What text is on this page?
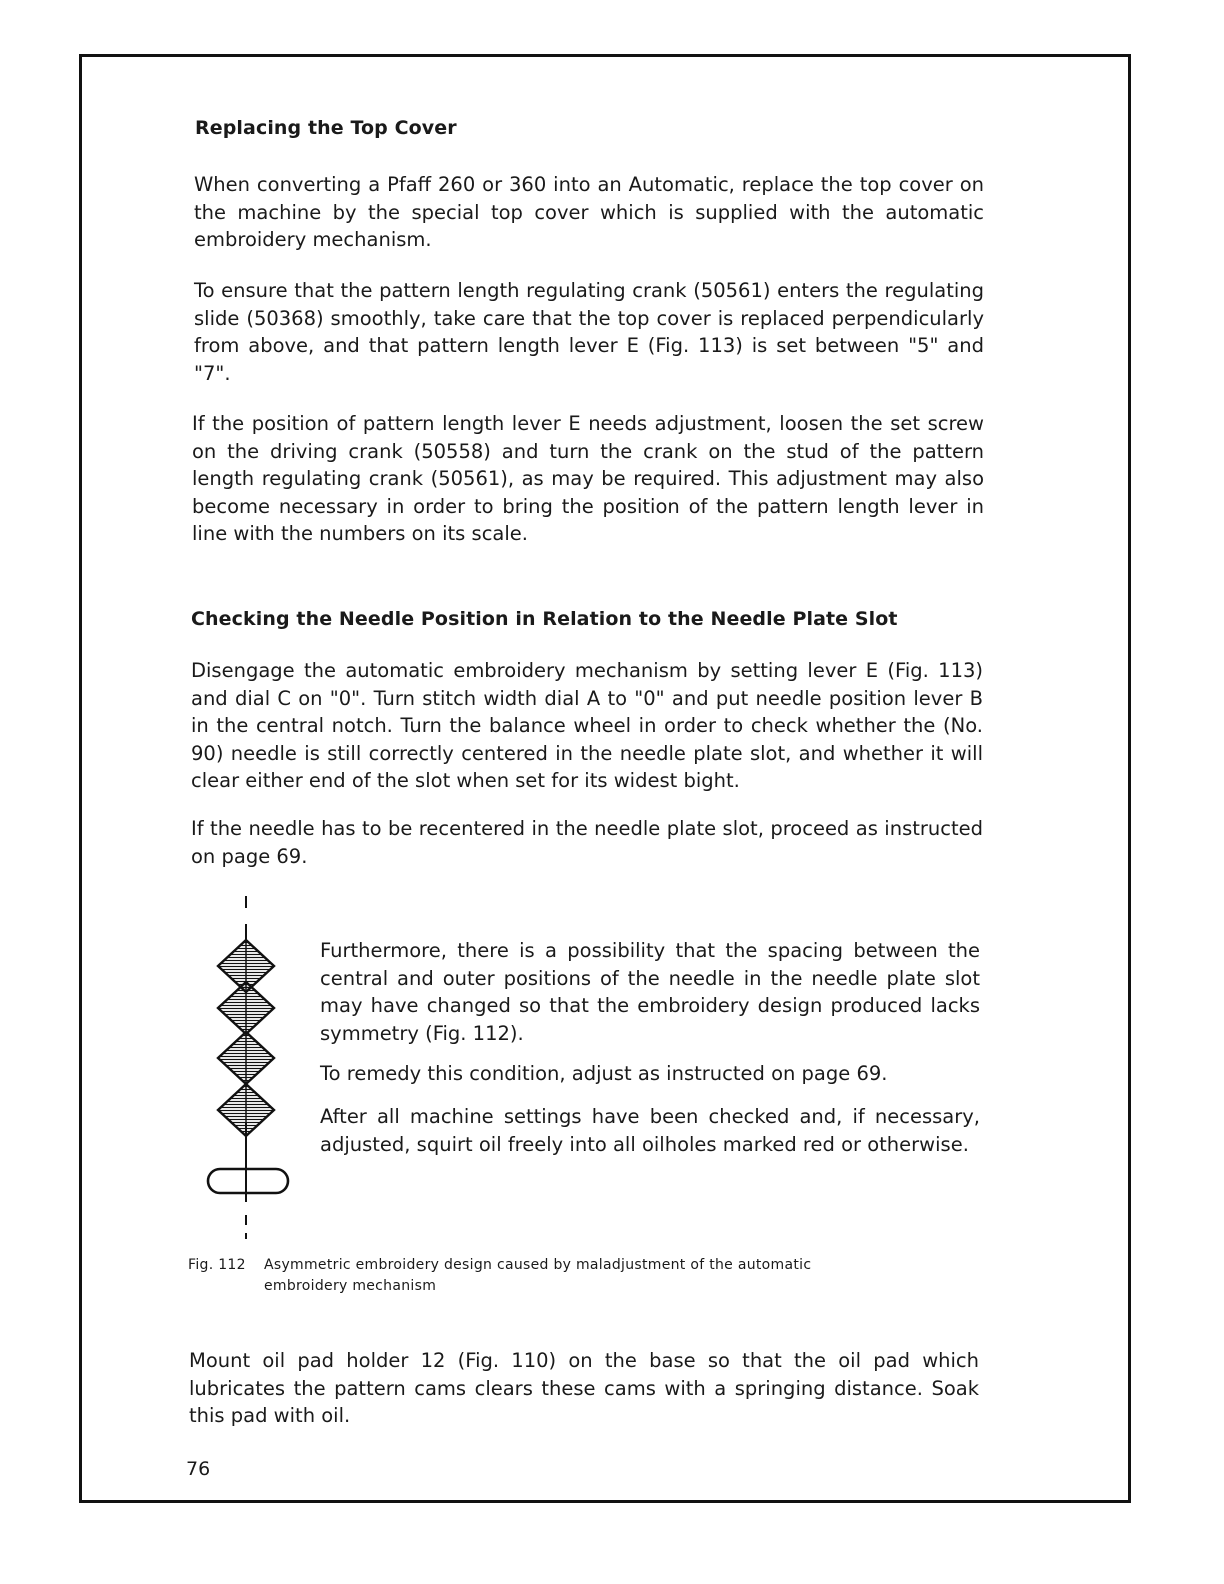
Replacing the Top Cover

When converting a Pfaff 260 or 360 into an Automatic, replace the top cover on the machine by the special top cover which is supplied with the automatic embroidery mechanism.

To ensure that the pattern length regulating crank (50561) enters the regulating slide (50368) smoothly, take care that the top cover is replaced perpendicularly from above, and that pattern length lever E (Fig. 113) is set between "5" and "7".

If the position of pattern length lever E needs adjustment, loosen the set screw on the driving crank (50558) and turn the crank on the stud of the pattern length regulating crank (50561), as may be required. This adjustment may also become necessary in order to bring the position of the pattern length lever in line with the numbers on its scale.

Checking the Needle Position in Relation to the Needle Plate Slot

Disengage the automatic embroidery mechanism by setting lever E (Fig. 113) and dial C on "0". Turn stitch width dial A to "0" and put needle position lever B in the central notch. Turn the balance wheel in order to check whether the (No. 90) needle is still correctly centered in the needle plate slot, and whether it will clear either end of the slot when set for its widest bight.

If the needle has to be recentered in the needle plate slot, proceed as instructed on page 69.

Furthermore, there is a possibility that the spacing between the central and outer positions of the needle in the needle plate slot may have changed so that the embroidery design produced lacks symmetry (Fig. 112).

To remedy this condition, adjust as instructed on page 69.

After all machine settings have been checked and, if necessary, adjusted, squirt oil freely into all oilholes marked red or otherwise.

Fig. 112 Asymmetric embroidery design caused by maladjustment of the automatic embroidery mechanism

Mount oil pad holder 12 (Fig. 110) on the base so that the oil pad which lubricates the pattern cams clears these cams with a springing distance. Soak this pad with oil.

76
